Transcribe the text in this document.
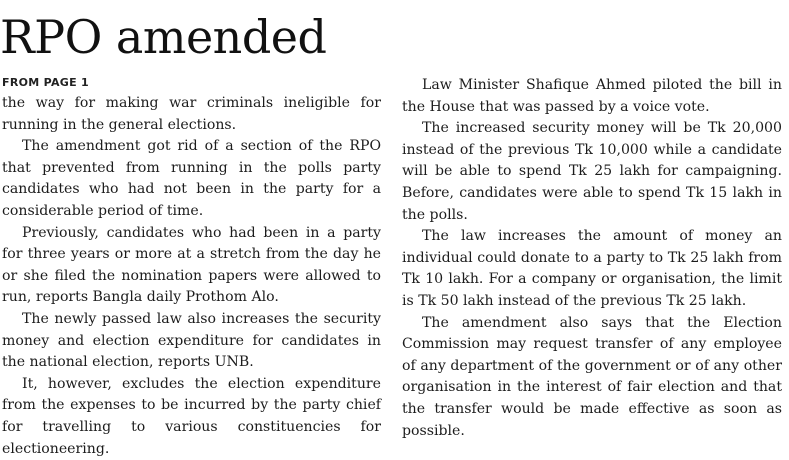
RPO amended
FROM PAGE 1

the way for making war criminals ineligible for running in the general elections.

The amendment got rid of a section of the RPO that prevented from running in the polls party candidates who had not been in the party for a considerable period of time.

Previously, candidates who had been in a party for three years or more at a stretch from the day he or she filed the nomination papers were allowed to run, reports Bangla daily Prothom Alo.

The newly passed law also increases the security money and election expenditure for candidates in the national election, reports UNB.

It, however, excludes the election expenditure from the expenses to be incurred by the party chief for travelling to various constituencies for electioneering.

Law Minister Shafique Ahmed piloted the bill in the House that was passed by a voice vote.

The increased security money will be Tk 20,000 instead of the previous Tk 10,000 while a candidate will be able to spend Tk 25 lakh for campaigning. Before, candidates were able to spend Tk 15 lakh in the polls.

The law increases the amount of money an individual could donate to a party to Tk 25 lakh from Tk 10 lakh. For a company or organisation, the limit is Tk 50 lakh instead of the previous Tk 25 lakh.

The amendment also says that the Election Commission may request transfer of any employee of any department of the government or of any other organisation in the interest of fair election and that the transfer would be made effective as soon as possible.
